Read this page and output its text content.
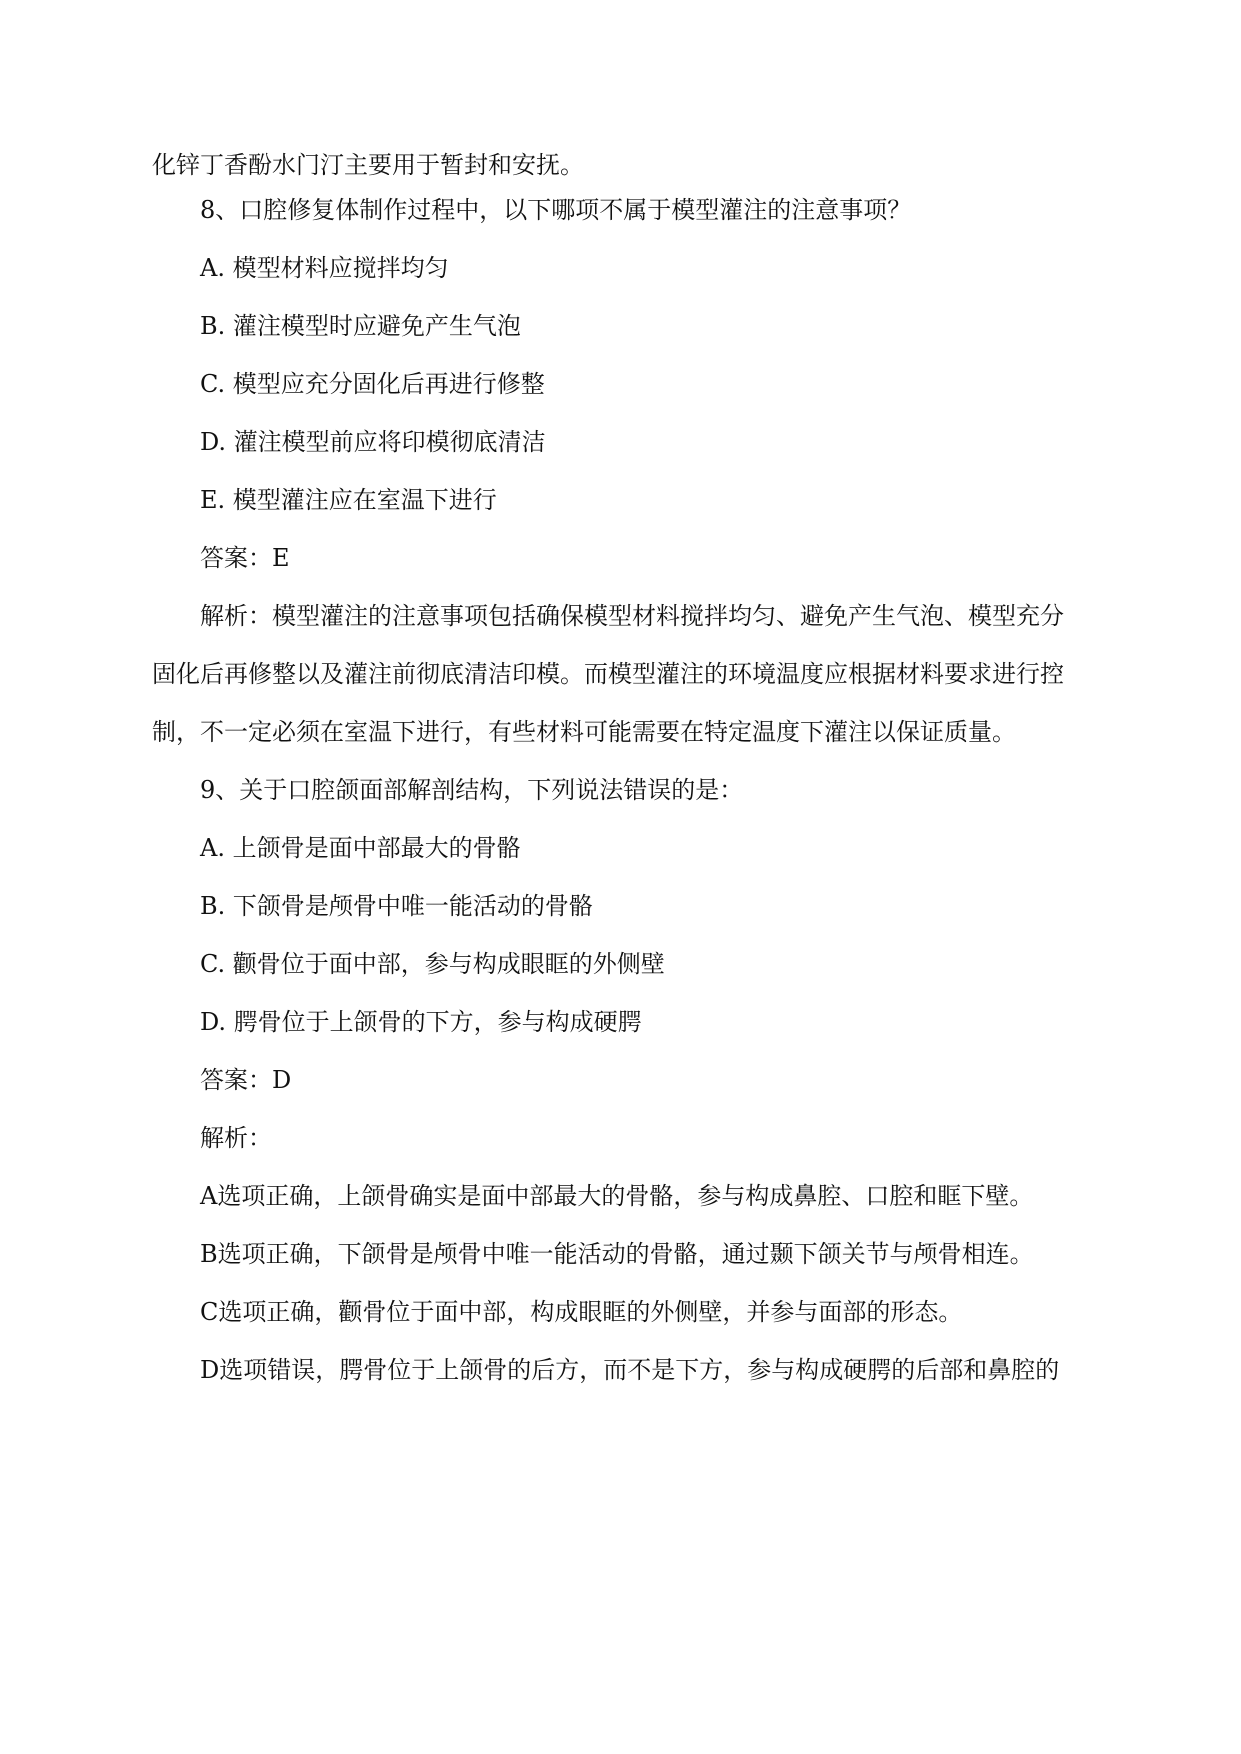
化锌丁香酚水门汀主要用于暂封和安抚。
8、口腔修复体制作过程中，以下哪项不属于模型灌注的注意事项？
A. 模型材料应搅拌均匀
B. 灌注模型时应避免产生气泡
C. 模型应充分固化后再进行修整
D. 灌注模型前应将印模彻底清洁
E. 模型灌注应在室温下进行
答案：E
解析：模型灌注的注意事项包括确保模型材料搅拌均匀、避免产生气泡、模型充分
固化后再修整以及灌注前彻底清洁印模。而模型灌注的环境温度应根据材料要求进行控
制，不一定必须在室温下进行，有些材料可能需要在特定温度下灌注以保证质量。
9、关于口腔颌面部解剖结构，下列说法错误的是：
A. 上颌骨是面中部最大的骨骼
B. 下颌骨是颅骨中唯一能活动的骨骼
C. 颧骨位于面中部，参与构成眼眶的外侧壁
D. 腭骨位于上颌骨的下方，参与构成硬腭
答案：D
解析：
A选项正确，上颌骨确实是面中部最大的骨骼，参与构成鼻腔、口腔和眶下壁。
B选项正确，下颌骨是颅骨中唯一能活动的骨骼，通过颞下颌关节与颅骨相连。
C选项正确，颧骨位于面中部，构成眼眶的外侧壁，并参与面部的形态。
D选项错误，腭骨位于上颌骨的后方，而不是下方，参与构成硬腭的后部和鼻腔的
